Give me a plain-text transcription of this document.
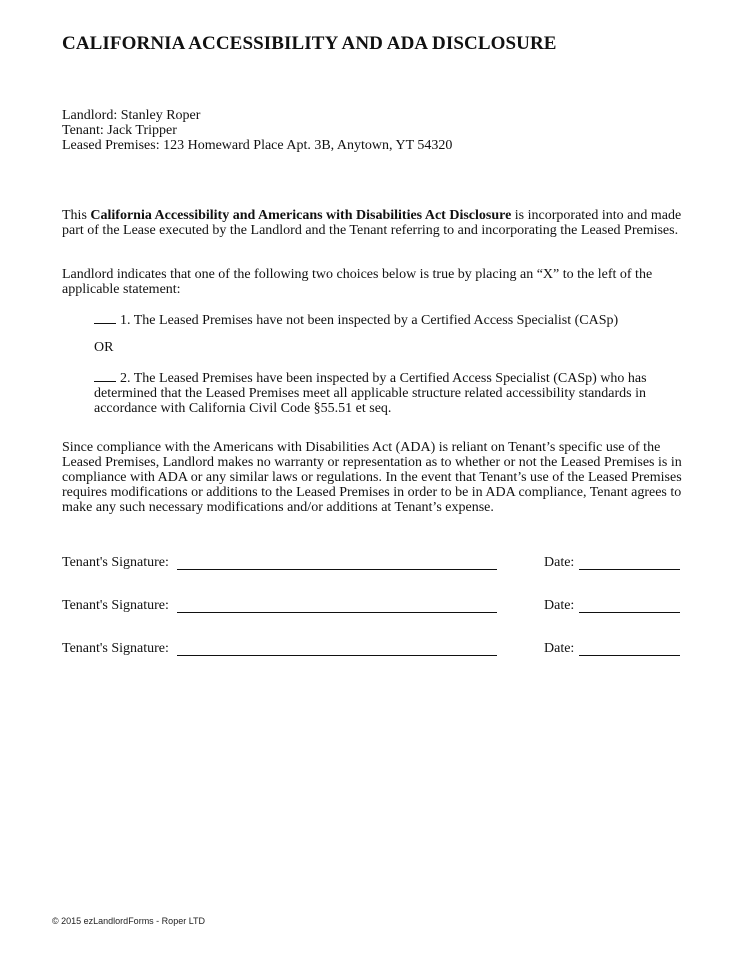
CALIFORNIA ACCESSIBILITY AND ADA DISCLOSURE
Landlord: Stanley Roper
Tenant: Jack Tripper
Leased Premises: 123 Homeward Place Apt. 3B, Anytown, YT 54320

This California Accessibility and Americans with Disabilities Act Disclosure is incorporated into and made part of the Lease executed by the Landlord and the Tenant referring to and incorporating the Leased Premises.

Landlord indicates that one of the following two choices below is true by placing an “X” to the left of the applicable statement:

1. The Leased Premises have not been inspected by a Certified Access Specialist (CASp)

OR

2. The Leased Premises have been inspected by a Certified Access Specialist (CASp) who has determined that the Leased Premises meet all applicable structure related accessibility standards in accordance with California Civil Code §55.51 et seq.

Since compliance with the Americans with Disabilities Act (ADA) is reliant on Tenant’s specific use of the Leased Premises, Landlord makes no warranty or representation as to whether or not the Leased Premises is in compliance with ADA or any similar laws or regulations. In the event that Tenant’s use of the Leased Premises requires modifications or additions to the Leased Premises in order to be in ADA compliance, Tenant agrees to make any such necessary modifications and/or additions at Tenant’s expense.

Tenant's Signature:	Date:
Tenant's Signature:	Date:
Tenant's Signature:	Date:
© 2015 ezLandlordForms - Roper LTD
